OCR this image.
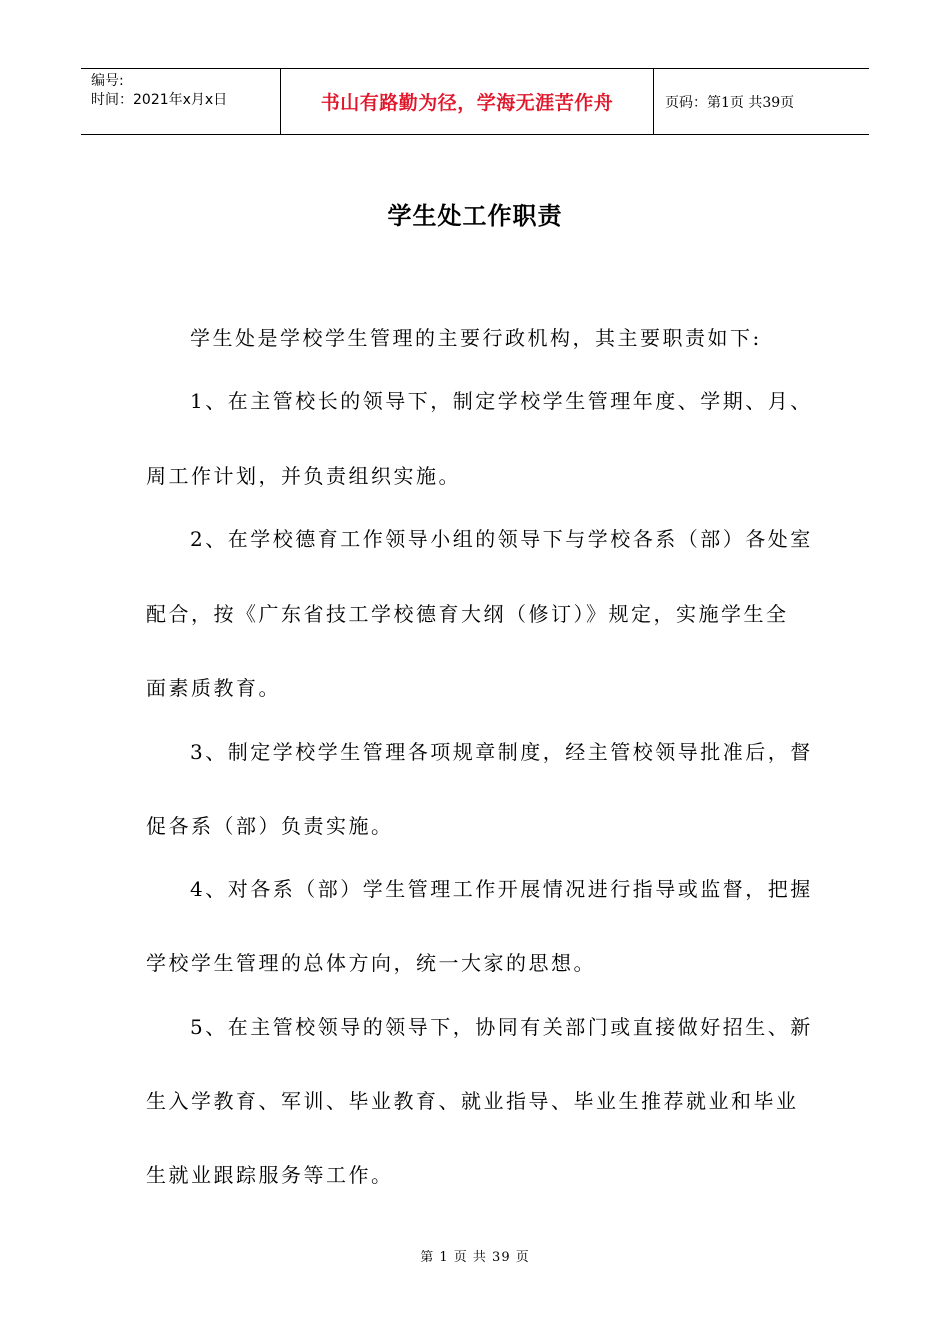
编号:
时间：2021年x月x日	书山有路勤为径，学海无涯苦作舟	页码：第1页 共39页
学生处工作职责
学生处是学校学生管理的主要行政机构，其主要职责如下:
1、在主管校长的领导下，制定学校学生管理年度、学期、月、
周工作计划，并负责组织实施。
2、在学校德育工作领导小组的领导下与学校各系（部）各处室
配合，按《广东省技工学校德育大纲（修订）》规定，实施学生全
面素质教育。
3、制定学校学生管理各项规章制度，经主管校领导批准后，督
促各系（部）负责实施。
4、对各系（部）学生管理工作开展情况进行指导或监督，把握
学校学生管理的总体方向，统一大家的思想。
5、在主管校领导的领导下，协同有关部门或直接做好招生、新
生入学教育、军训、毕业教育、就业指导、毕业生推荐就业和毕业
生就业跟踪服务等工作。
第 1 页 共 39 页
